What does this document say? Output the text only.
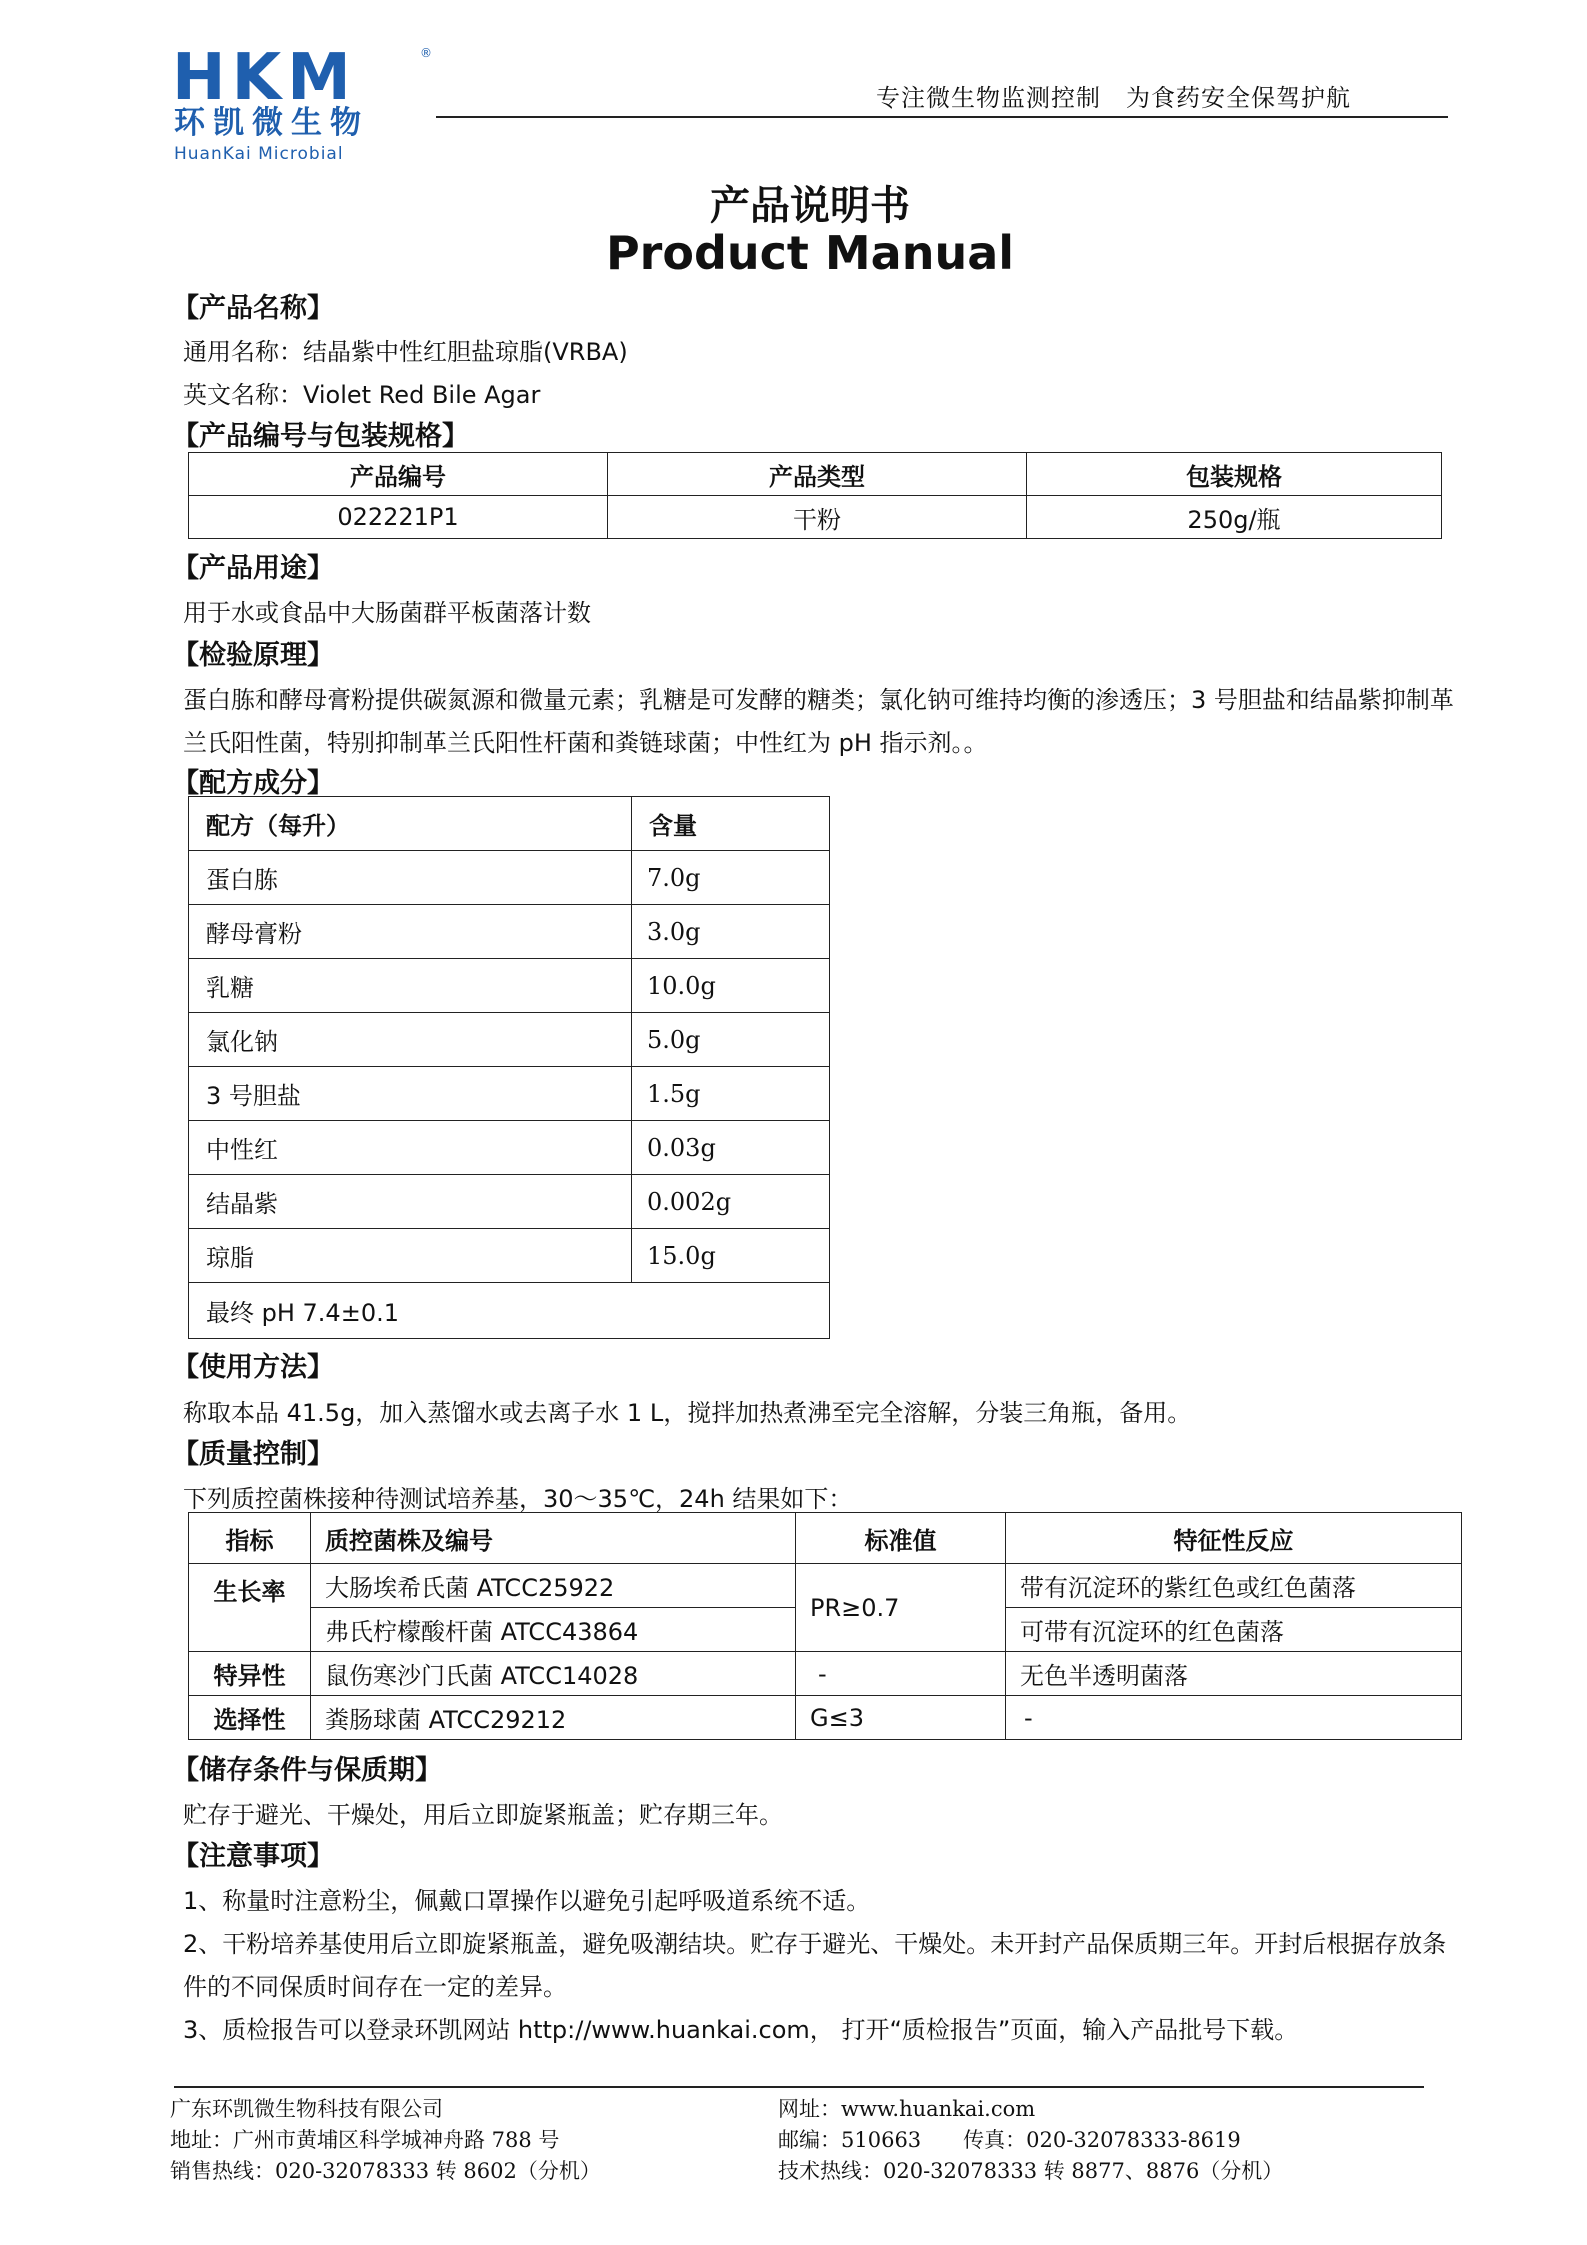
HKM	®
环凯微生物
HuanKai Microbial
专注微生物监测控制　为食药安全保驾护航
产品说明书
Product Manual
【产品名称】
通用名称：结晶紫中性红胆盐琼脂(VRBA)
英文名称：Violet Red Bile Agar
【产品编号与包装规格】
产品编号	产品类型	包装规格
022221P1	干粉	250g/瓶
【产品用途】
用于水或食品中大肠菌群平板菌落计数
【检验原理】
蛋白胨和酵母膏粉提供碳氮源和微量元素；乳糖是可发酵的糖类；氯化钠可维持均衡的渗透压；3 号胆盐和结晶紫抑制革
兰氏阳性菌，特别抑制革兰氏阳性杆菌和粪链球菌；中性红为 pH 指示剂。。
【配方成分】
配方（每升）	含量
蛋白胨	7.0g
酵母膏粉	3.0g
乳糖	10.0g
氯化钠	5.0g
3 号胆盐	1.5g
中性红	0.03g
结晶紫	0.002g
琼脂	15.0g
最终 pH 7.4±0.1	
【使用方法】
称取本品 41.5g，加入蒸馏水或去离子水 1 L，搅拌加热煮沸至完全溶解，分装三角瓶，备用。
【质量控制】
下列质控菌株接种待测试培养基，30～35℃，24h 结果如下：
指标	质控菌株及编号	标准值	特征性反应
生长率	大肠埃希氏菌 ATCC25922	PR≥0.7	带有沉淀环的紫红色或红色菌落
	弗氏柠檬酸杆菌 ATCC43864		可带有沉淀环的红色菌落
特异性	鼠伤寒沙门氏菌 ATCC14028	-	无色半透明菌落
选择性	粪肠球菌 ATCC29212	G≤3	-
【储存条件与保质期】
贮存于避光、干燥处，用后立即旋紧瓶盖；贮存期三年。
【注意事项】
1、称量时注意粉尘，佩戴口罩操作以避免引起呼吸道系统不适。
2、干粉培养基使用后立即旋紧瓶盖，避免吸潮结块。贮存于避光、干燥处。未开封产品保质期三年。开封后根据存放条
件的不同保质时间存在一定的差异。
3、质检报告可以登录环凯网站 http://www.huankai.com， 打开“质检报告”页面，输入产品批号下载。
广东环凯微生物科技有限公司
地址：广州市黄埔区科学城神舟路 788 号
销售热线：020-32078333 转 8602（分机）
网址：www.huankai.com
邮编：510663　　传真：020-32078333-8619
技术热线：020-32078333 转 8877、8876（分机）
